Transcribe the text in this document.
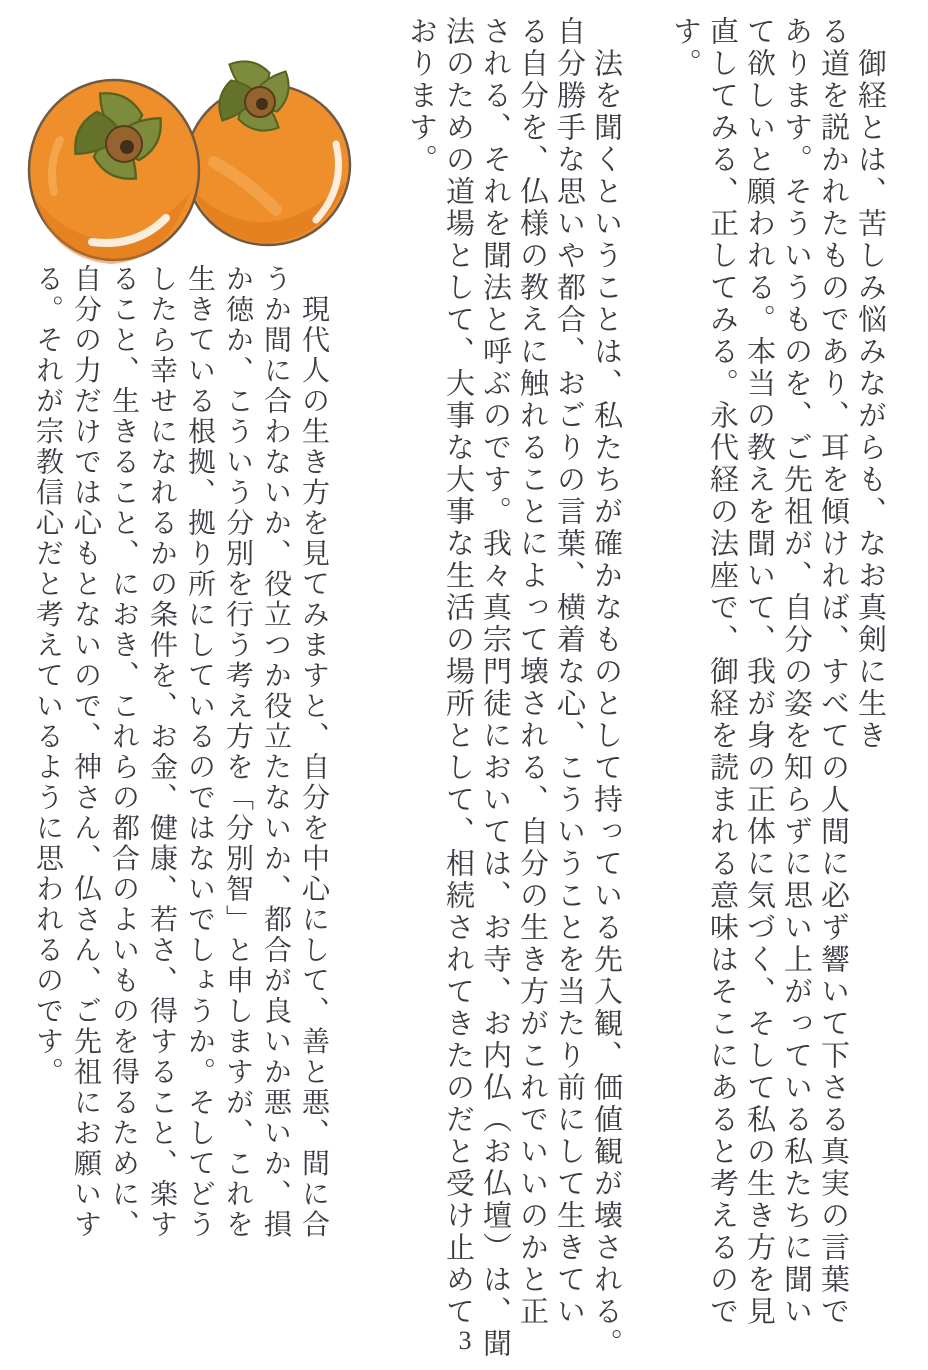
　御経とは、苦しみ悩みながらも、なお真剣に生き
る道を説かれたものであり、耳を傾ければ、すべての人間に必ず響いて下さる真実の言葉で
あります。そういうものを、ご先祖が、自分の姿を知らずに思い上がっている私たちに聞い
て欲しいと願われる。本当の教えを聞いて、我が身の正体に気づく、そして私の生き方を見
直してみる、正してみる。永代経の法座で、御経を読まれる意味はそこにあると考えるので
す。
　法を聞くということは、私たちが確かなものとして持っている先入観、価値観が壊される。
自分勝手な思いや都合、おごりの言葉、横着な心、こういうことを当たり前にして生きてい
る自分を、仏様の教えに触れることによって壊される、自分の生き方がこれでいいのかと正
される、それを聞法と呼ぶのです。我々真宗門徒においては、お寺、お内仏（お仏壇）は、聞
法のための道場として、大事な大事な生活の場所として、相続されてきたのだと受け止めて
おります。
　現代人の生き方を見てみますと、自分を中心にして、善と悪、間に合
うか間に合わないか、役立つか役立たないか、都合が良いか悪いか、損
か徳か、こういう分別を行う考え方を「分別智」と申しますが、これを
生きている根拠、拠り所にしているのではないでしょうか。そしてどう
したら幸せになれるかの条件を、お金、健康、若さ、得すること、楽す
ること、生きること、におき、これらの都合のよいものを得るために、
自分の力だけでは心もとないので、神さん、仏さん、ご先祖にお願いす
る。それが宗教信心だと考えているように思われるのです。
3
